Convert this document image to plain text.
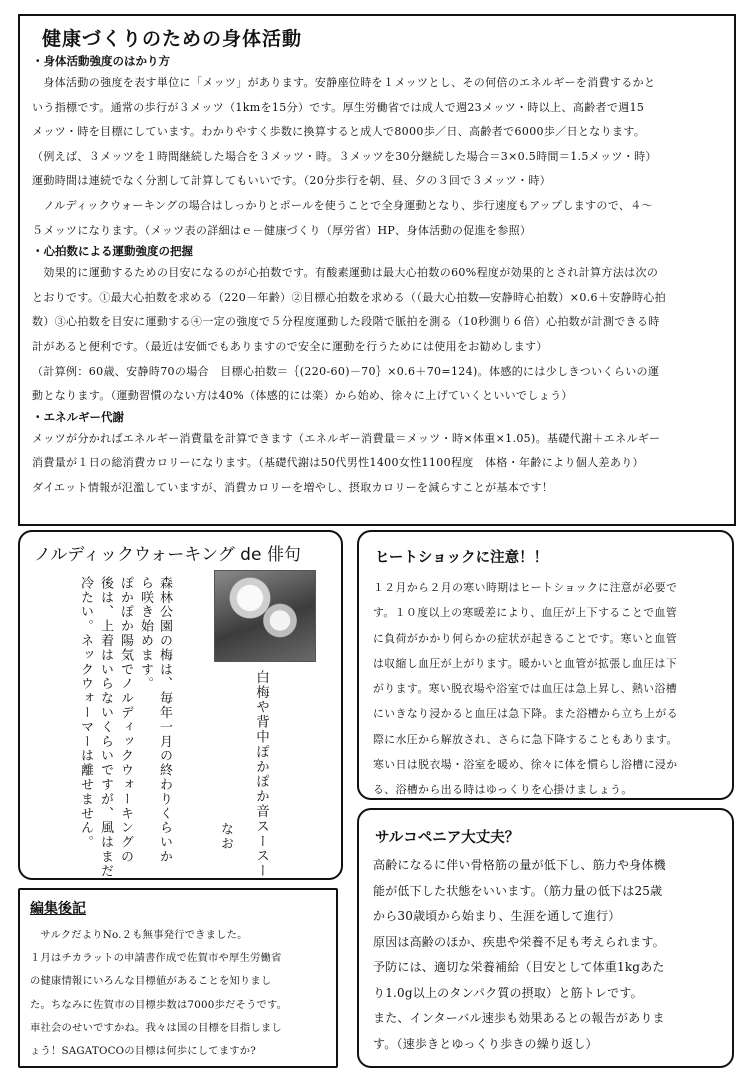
健康づくりのための身体活動
・身体活動強度のはかり方

　身体活動の強度を表す単位に「メッツ」があります。安静座位時を１メッツとし、その何倍のエネルギーを消費するかと

いう指標です。通常の歩行が３メッツ（1kmを15分）です。厚生労働省では成人で週23メッツ・時以上、高齢者で週15

メッツ・時を目標にしています。わかりやすく歩数に換算すると成人で8000歩／日、高齢者で6000歩／日となります。

（例えば、３メッツを１時間継続した場合を３メッツ・時。３メッツを30分継続した場合＝3×0.5時間＝1.5メッツ・時）

運動時間は連続でなく分割して計算してもいいです。（20分歩行を朝、昼、夕の３回で３メッツ・時）

　ノルディックウォーキングの場合はしっかりとポールを使うことで全身運動となり、歩行速度もアップしますので、４〜

５メッツになります。（メッツ表の詳細はｅ－健康づくり（厚労省）HP、身体活動の促進を参照）

・心拍数による運動強度の把握

　効果的に運動するための目安になるのが心拍数です。有酸素運動は最大心拍数の60%程度が効果的とされ計算方法は次の

とおりです。①最大心拍数を求める（220－年齢）②目標心拍数を求める（（最大心拍数―安静時心拍数）×0.6＋安静時心拍

数）③心拍数を目安に運動する④一定の強度で５分程度運動した段階で脈拍を測る（10秒測り６倍）心拍数が計測できる時

計があると便利です。（最近は安価でもありますので安全に運動を行うためには使用をお勧めします）

（計算例：60歳、安静時70の場合　目標心拍数＝｛(220-60)－70｝×0.6＋70=124)。体感的には少しきついくらいの運

動となります。（運動習慣のない方は40%（体感的には楽）から始め、徐々に上げていくといいでしょう）

・エネルギー代謝

メッツが分かればエネルギー消費量を計算できます（エネルギー消費量＝メッツ・時×体重×1.05)。基礎代謝＋エネルギー

消費量が１日の総消費カロリーになります。（基礎代謝は50代男性1400女性1100程度　体格・年齢により個人差あり）

ダイエット情報が氾濫していますが、消費カロリーを増やし、摂取カロリーを減らすことが基本です！

ノルディックウォーキング de 俳句
白梅や背中ぽかぽか音スースー
なお
森林公園の梅は、毎年一月の終わりくらいか
ら咲き始めます。
ぽかぽか陽気でノルディックウォーキングの
後は、上着はいらないくらいですが、風はまだ
冷たい。ネックウォーマーは離せません。
ヒートショックに注意！！
１２月から２月の寒い時期はヒートショックに注意が必要で
す。１０度以上の寒暖差により、血圧が上下することで血管
に負荷がかかり何らかの症状が起きることです。寒いと血管
は収縮し血圧が上がります。暖かいと血管が拡張し血圧は下
がります。寒い脱衣場や浴室では血圧は急上昇し、熱い浴槽
にいきなり浸かると血圧は急下降。また浴槽から立ち上がる
際に水圧から解放され、さらに急下降することもあります。
寒い日は脱衣場・浴室を暖め、徐々に体を慣らし浴槽に浸か
る、浴槽から出る時はゆっくりを心掛けましょう。
サルコペニア大丈夫？
高齢になるに伴い骨格筋の量が低下し、筋力や身体機
能が低下した状態をいいます。（筋力量の低下は25歳
から30歳頃から始まり、生涯を通して進行）
原因は高齢のほか、疾患や栄養不足も考えられます。
予防には、適切な栄養補給（目安として体重1kgあた
り1.0g以上のタンパク質の摂取）と筋トレです。
また、インターバル速歩も効果あるとの報告がありま
す。（速歩きとゆっくり歩きの繰り返し）
編集後記
　サルクだよりNo.２も無事発行できました。
１月はチカラットの申請書作成で佐賀市や厚生労働省
の健康情報にいろんな目標値があることを知りまし
た。ちなみに佐賀市の目標歩数は7000歩だそうです。
車社会のせいですかね。我々は国の目標を目指しまし
ょう！SAGATOCOの目標は何歩にしてますか?
